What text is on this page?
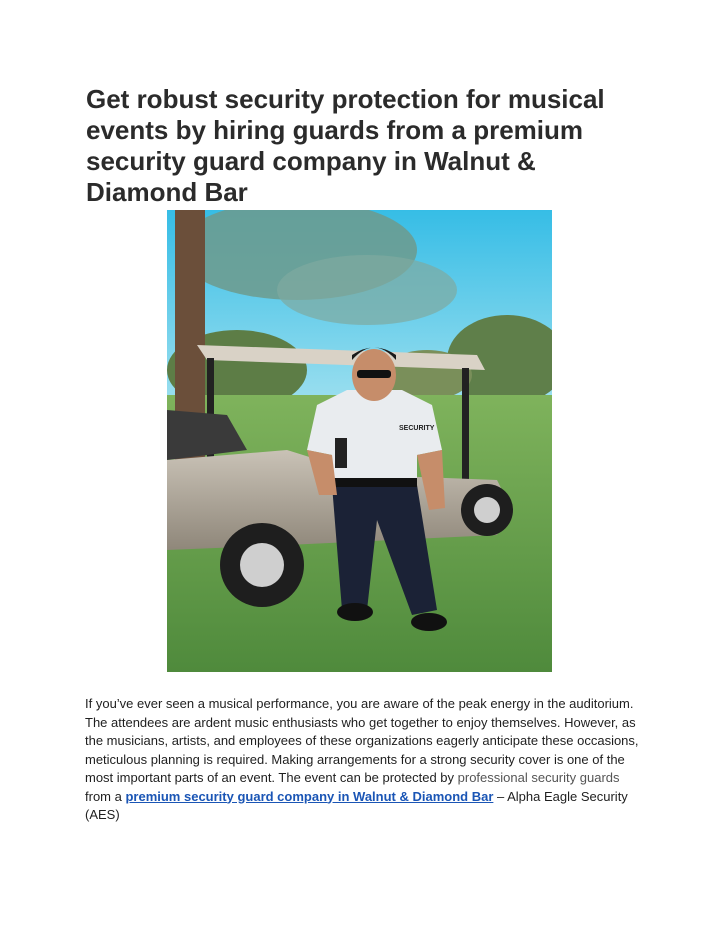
Get robust security protection for musical events by hiring guards from a premium security guard company in Walnut & Diamond Bar
SECURITY

If you’ve ever seen a musical performance, you are aware of the peak energy in the auditorium. The attendees are ardent music enthusiasts who get together to enjoy themselves. However, as the musicians, artists, and employees of these organizations eagerly anticipate these occasions, meticulous planning is required. Making arrangements for a strong security cover is one of the most important parts of an event. The event can be protected by professional security guards from a premium security guard company in Walnut & Diamond Bar – Alpha Eagle Security (AES)
